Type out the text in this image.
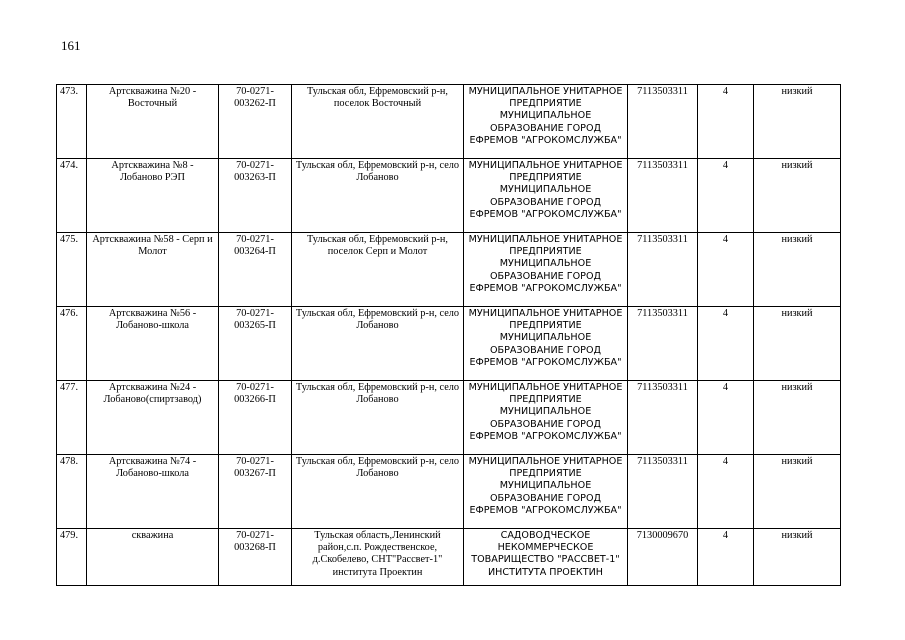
161
473.	Артскважина №20 - Восточный	70-0271-003262-П	Тульская обл, Ефремовский р-н, поселок Восточный	МУНИЦИПАЛЬНОЕ УНИТАРНОЕ ПРЕДПРИЯТИЕ МУНИЦИПАЛЬНОЕ ОБРАЗОВАНИЕ ГОРОД ЕФРЕМОВ "АГРОКОМСЛУЖБА"	7113503311	4	низкий
474.	Артскважина №8 - Лобаново РЭП	70-0271-003263-П	Тульская обл, Ефремовский р-н, село Лобаново	МУНИЦИПАЛЬНОЕ УНИТАРНОЕ ПРЕДПРИЯТИЕ МУНИЦИПАЛЬНОЕ ОБРАЗОВАНИЕ ГОРОД ЕФРЕМОВ "АГРОКОМСЛУЖБА"	7113503311	4	низкий
475.	Артскважина №58 - Серп и Молот	70-0271-003264-П	Тульская обл, Ефремовский р-н, поселок Серп и Молот	МУНИЦИПАЛЬНОЕ УНИТАРНОЕ ПРЕДПРИЯТИЕ МУНИЦИПАЛЬНОЕ ОБРАЗОВАНИЕ ГОРОД ЕФРЕМОВ "АГРОКОМСЛУЖБА"	7113503311	4	низкий
476.	Артскважина №56 - Лобаново-школа	70-0271-003265-П	Тульская обл, Ефремовский р-н, село Лобаново	МУНИЦИПАЛЬНОЕ УНИТАРНОЕ ПРЕДПРИЯТИЕ МУНИЦИПАЛЬНОЕ ОБРАЗОВАНИЕ ГОРОД ЕФРЕМОВ "АГРОКОМСЛУЖБА"	7113503311	4	низкий
477.	Артскважина №24 - Лобаново(спиртзавод)	70-0271-003266-П	Тульская обл, Ефремовский р-н, село Лобаново	МУНИЦИПАЛЬНОЕ УНИТАРНОЕ ПРЕДПРИЯТИЕ МУНИЦИПАЛЬНОЕ ОБРАЗОВАНИЕ ГОРОД ЕФРЕМОВ "АГРОКОМСЛУЖБА"	7113503311	4	низкий
478.	Артскважина №74 - Лобаново-школа	70-0271-003267-П	Тульская обл, Ефремовский р-н, село Лобаново	МУНИЦИПАЛЬНОЕ УНИТАРНОЕ ПРЕДПРИЯТИЕ МУНИЦИПАЛЬНОЕ ОБРАЗОВАНИЕ ГОРОД ЕФРЕМОВ "АГРОКОМСЛУЖБА"	7113503311	4	низкий
479.	скважина	70-0271-003268-П	Тульская область,Ленинский район,с.п. Рождественское, д.Скобелево, СНТ"Рассвет-1" института Проектин	САДОВОДЧЕСКОЕ НЕКОММЕРЧЕСКОЕ ТОВАРИЩЕСТВО "РАССВЕТ-1" ИНСТИТУТА ПРОЕКТИН	7130009670	4	низкий
